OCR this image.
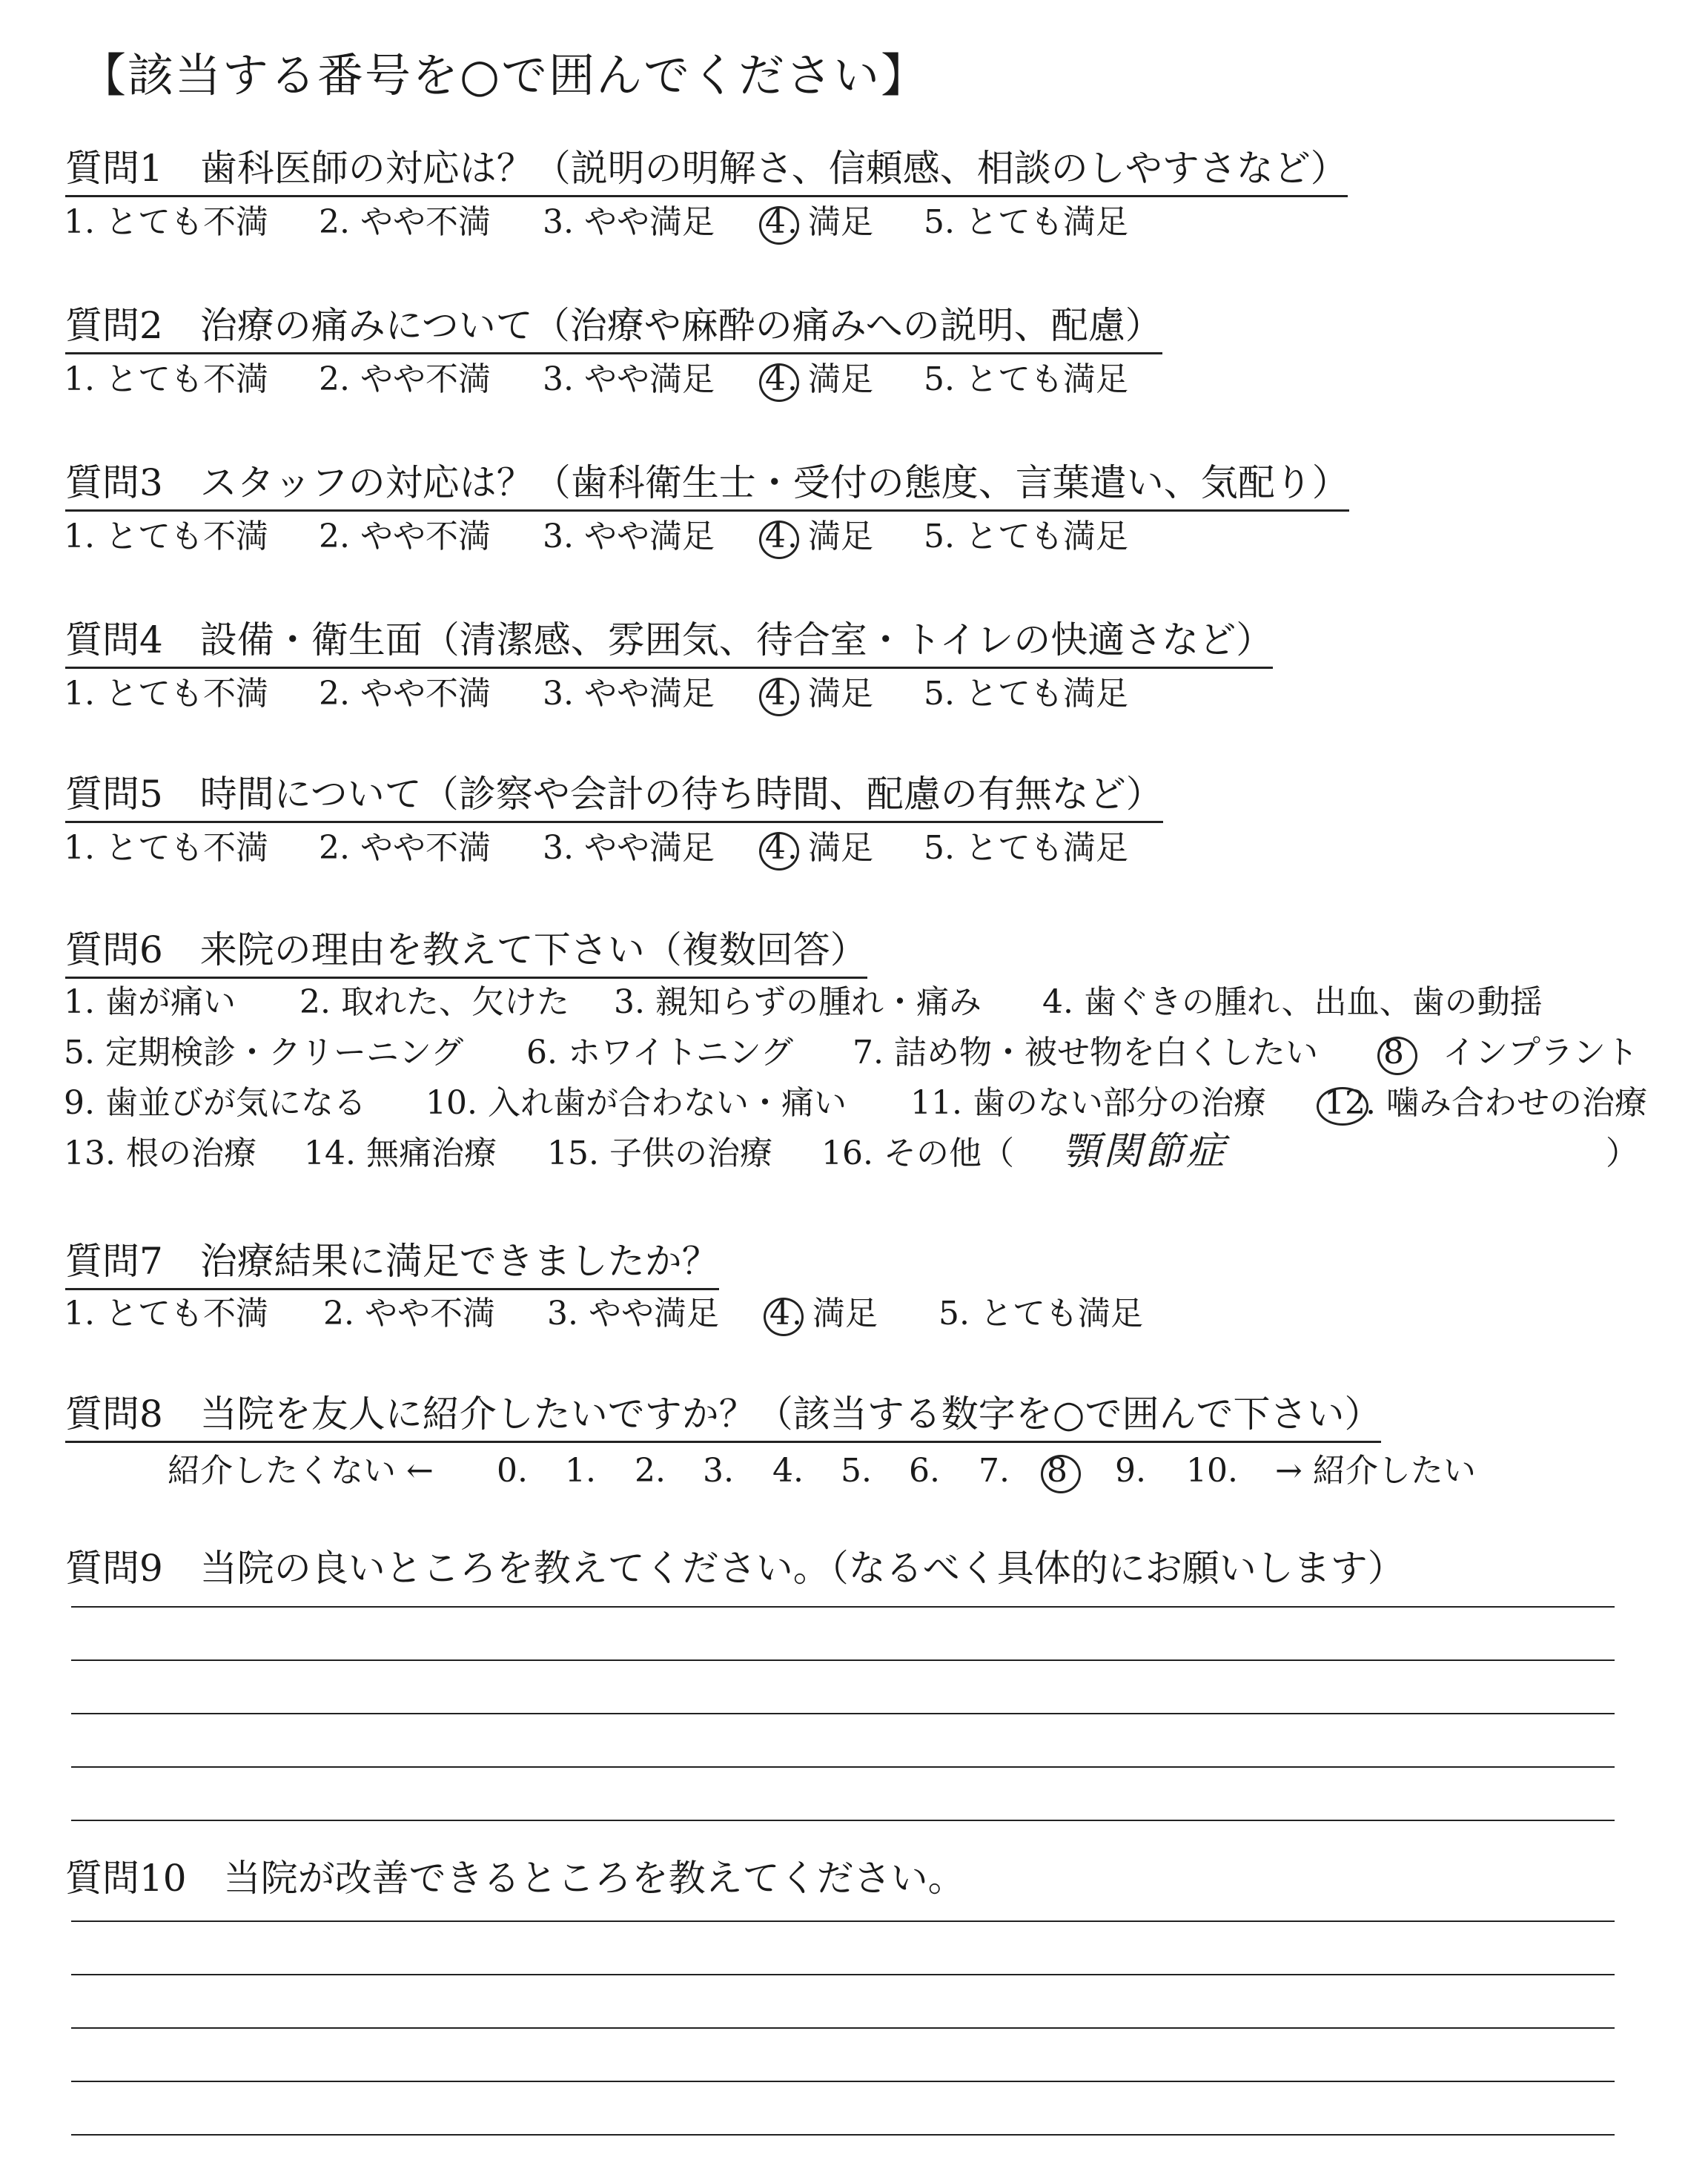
【該当する番号を○で囲んでください】
質問1　歯科医師の対応は？（説明の明解さ、信頼感、相談のしやすさなど）
1. とても不満 2. やや不満 3. やや満足 4 . 満足 5. とても満足
質問2　治療の痛みについて（治療や麻酔の痛みへの説明、配慮）
1. とても不満 2. やや不満 3. やや満足 4 . 満足 5. とても満足
質問3　スタッフの対応は？（歯科衛生士・受付の態度、言葉遣い、気配り）
1. とても不満 2. やや不満 3. やや満足 4 . 満足 5. とても満足
質問4　設備・衛生面（清潔感、雰囲気、待合室・トイレの快適さなど）
1. とても不満 2. やや不満 3. やや満足 4 . 満足 5. とても満足
質問5　時間について（診察や会計の待ち時間、配慮の有無など）
1. とても不満 2. やや不満 3. やや満足 4 . 満足 5. とても満足
質問6　来院の理由を教えて下さい（複数回答）
1. 歯が痛い 2. 取れた、欠けた 3. 親知らずの腫れ・痛み 4. 歯ぐきの腫れ、出血、歯の動揺
5. 定期検診・クリーニング 6. ホワイトニング 7. 詰め物・被せ物を白くしたい 8 インプラント
9. 歯並びが気になる 10. 入れ歯が合わない・痛い 11. 歯のない部分の治療 12 . 噛み合わせの治療
13. 根の治療 14. 無痛治療 15. 子供の治療 16. その他（ 顎関節症	）
質問7　治療結果に満足できましたか？
1. とても不満 2. やや不満 3. やや満足 4 . 満足 5. とても満足
質問8　当院を友人に紹介したいですか？（該当する数字を○で囲んで下さい）
紹介したくない ← 0. 1. 2. 3. 4. 5. 6. 7. 8 9. 10. → 紹介したい
質問9　当院の良いところを教えてください。（なるべく具体的にお願いします）
質問10　当院が改善できるところを教えてください。
